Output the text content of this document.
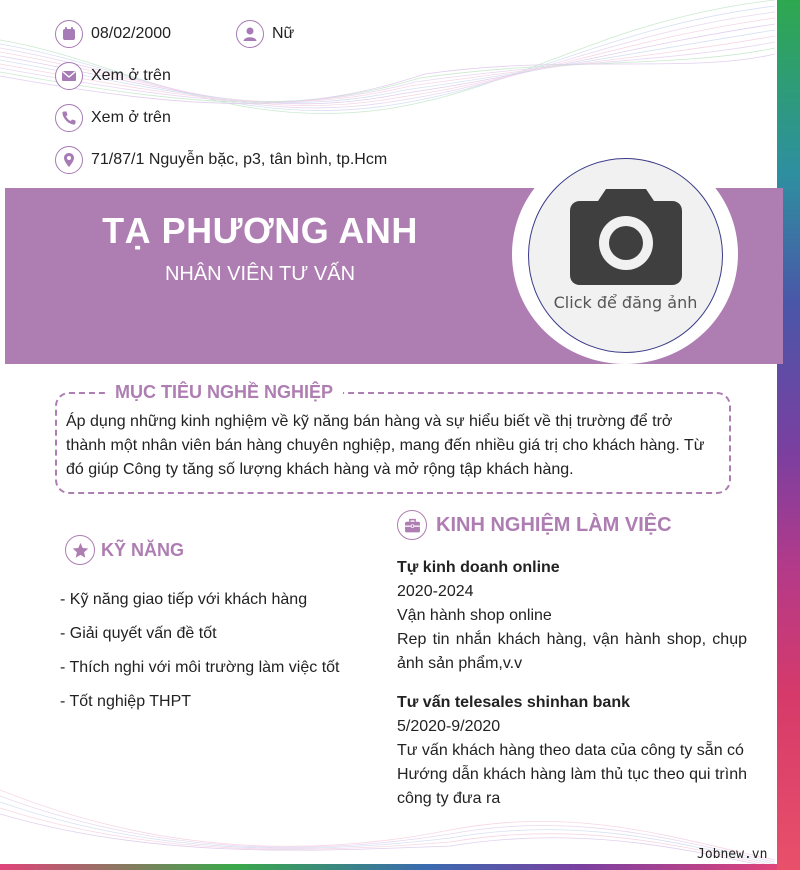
08/02/2000	Nữ
Xem ở trên
Xem ở trên
71/87/1 Nguyễn bặc, p3, tân bình, tp.Hcm
TẠ PHƯƠNG ANH
NHÂN VIÊN TƯ VẤN
Click để đăng ảnh
MỤC TIÊU NGHỀ NGHIỆP
Áp dụng những kinh nghiệm về kỹ năng bán hàng và sự hiểu biết về thị trường để trở thành một nhân viên bán hàng chuyên nghiệp, mang đến nhiều giá trị cho khách hàng. Từ đó giúp Công ty tăng số lượng khách hàng và mở rộng tập khách hàng.
KỸ NĂNG
- Kỹ năng giao tiếp với khách hàng
- Giải quyết vấn đề tốt
- Thích nghi với môi trường làm việc tốt
- Tốt nghiệp THPT
KINH NGHIỆM LÀM VIỆC
Tự kinh doanh online
2020-2024
Vận hành shop online
Rep tin nhắn khách hàng, vận hành shop, chụp ảnh sản phẩm,v.v
Tư vấn telesales shinhan bank
5/2020-9/2020
Tư vấn khách hàng theo data của công ty sẵn có
Hướng dẫn khách hàng làm thủ tục theo qui trình công ty đưa ra
Jobnew.vn
